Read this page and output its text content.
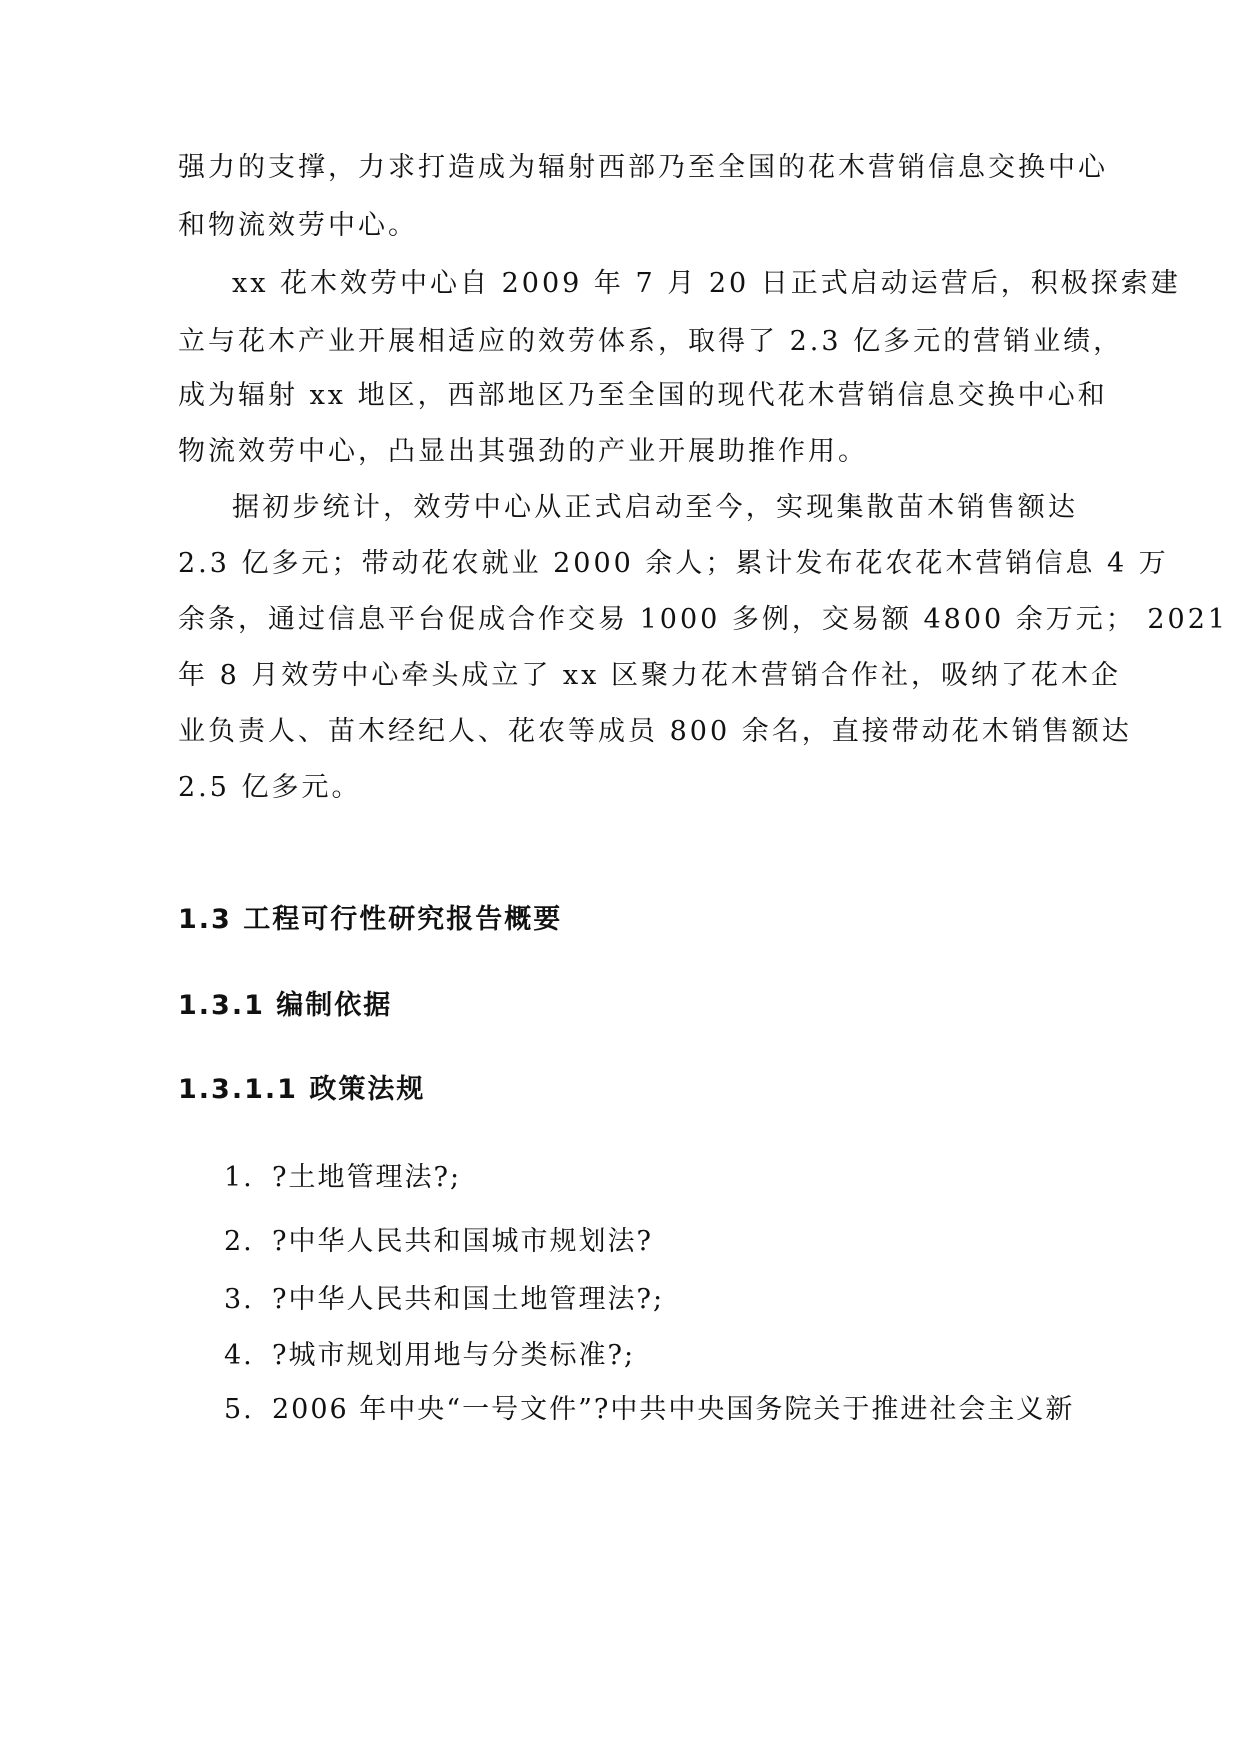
强力的支撑，力求打造成为辐射西部乃至全国的花木营销信息交换中心
和物流效劳中心。
xx 花木效劳中心自 2009 年 7 月 20 日正式启动运营后，积极探索建
立与花木产业开展相适应的效劳体系，取得了 2.3 亿多元的营销业绩，
成为辐射 xx 地区，西部地区乃至全国的现代花木营销信息交换中心和
物流效劳中心，凸显出其强劲的产业开展助推作用。
据初步统计，效劳中心从正式启动至今，实现集散苗木销售额达
2.3 亿多元；带动花农就业 2000 余人；累计发布花农花木营销信息 4 万
余条，通过信息平台促成合作交易 1000 多例，交易额 4800 余万元； 2021
年 8 月效劳中心牵头成立了 xx 区聚力花木营销合作社，吸纳了花木企
业负责人、苗木经纪人、花农等成员 800 余名，直接带动花木销售额达
2.5 亿多元。
1.3 工程可行性研究报告概要
1.3.1 编制依据
1.3.1.1 政策法规
1. ?土地管理法?;
2. ?中华人民共和国城市规划法?
3. ?中华人民共和国土地管理法?;
4. ?城市规划用地与分类标准?;
5. 2006 年中央“一号文件”?中共中央国务院关于推进社会主义新
